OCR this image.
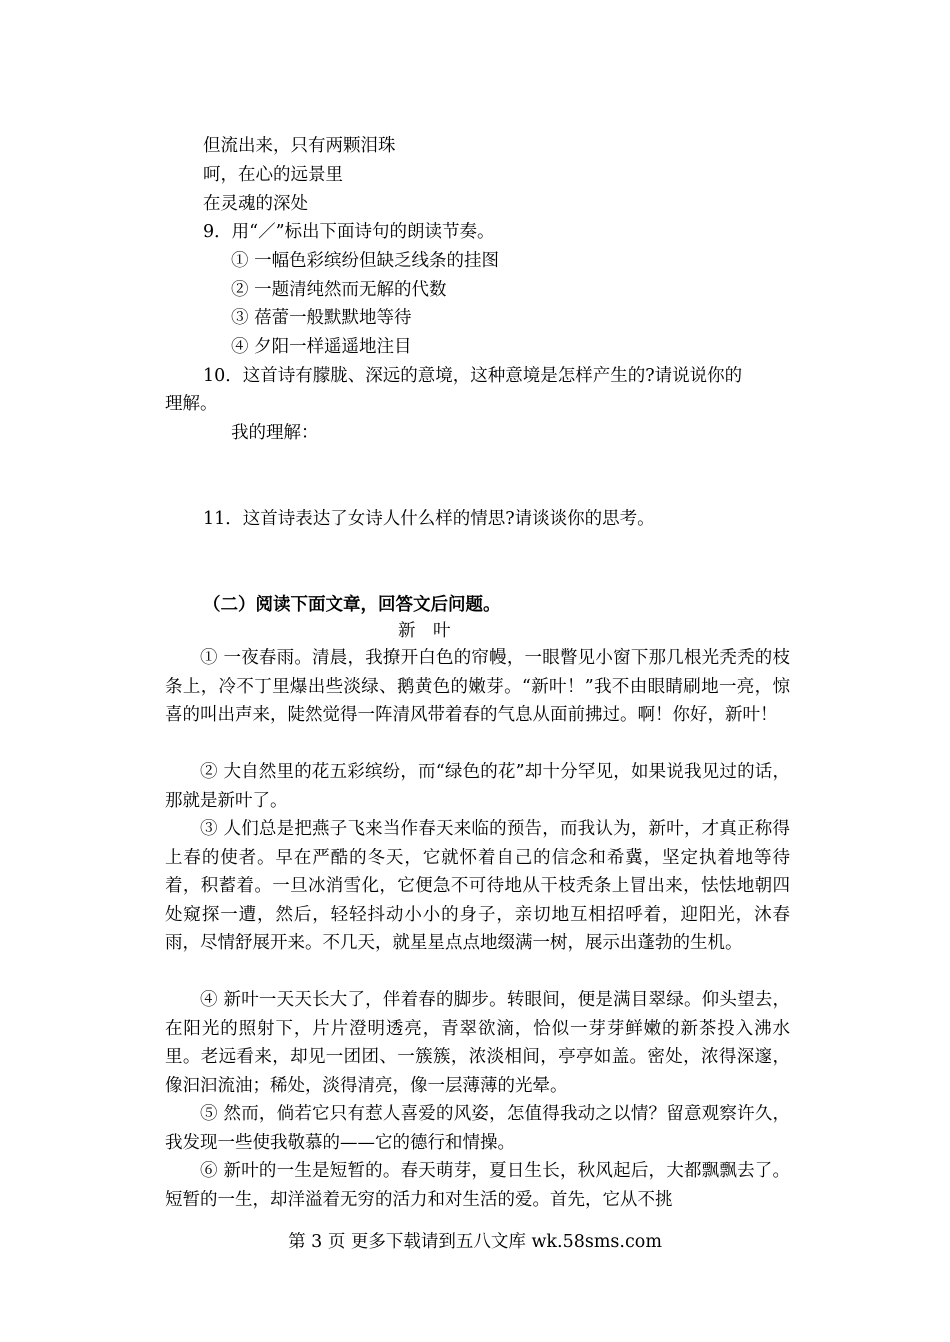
但流出来，只有两颗泪珠
呵，在心的远景里
在灵魂的深处
9．用“／”标出下面诗句的朗读节奏。
① 一幅色彩缤纷但缺乏线条的挂图
② 一题清纯然而无解的代数
③ 蓓蕾一般默默地等待
④ 夕阳一样遥遥地注目
10．这首诗有朦胧、深远的意境，这种意境是怎样产生的?请说说你的
理解。
我的理解：
11．这首诗表达了女诗人什么样的情思?请谈谈你的思考。
（二）阅读下面文章，回答文后问题。
新　叶
① 一夜春雨。清晨，我撩开白色的帘幔，一眼瞥见小窗下那几根光秃秃的枝条上，冷不丁里爆出些淡绿、鹅黄色的嫩芽。“新叶！”我不由眼睛刷地一亮，惊喜的叫出声来，陡然觉得一阵清风带着春的气息从面前拂过。啊！你好，新叶！
② 大自然里的花五彩缤纷，而“绿色的花”却十分罕见，如果说我见过的话，那就是新叶了。
③ 人们总是把燕子飞来当作春天来临的预告，而我认为，新叶，才真正称得上春的使者。早在严酷的冬天，它就怀着自己的信念和希冀，坚定执着地等待着，积蓄着。一旦冰消雪化，它便急不可待地从干枝秃条上冒出来，怯怯地朝四处窥探一遭，然后，轻轻抖动小小的身子，亲切地互相招呼着，迎阳光，沐春雨，尽情舒展开来。不几天，就星星点点地缀满一树，展示出蓬勃的生机。
④ 新叶一天天长大了，伴着春的脚步。转眼间，便是满目翠绿。仰头望去，在阳光的照射下，片片澄明透亮，青翠欲滴，恰似一芽芽鲜嫩的新茶投入沸水里。老远看来，却见一团团、一簇簇，浓淡相间，亭亭如盖。密处，浓得深邃，像汩汩流油；稀处，淡得清亮，像一层薄薄的光晕。
⑤ 然而，倘若它只有惹人喜爱的风姿，怎值得我动之以情？留意观察许久，我发现一些使我敬慕的——它的德行和情操。
⑥ 新叶的一生是短暂的。春天萌芽，夏日生长，秋风起后，大都飘飘去了。短暂的一生，却洋溢着无穷的活力和对生活的爱。首先，它从不挑
第 3 页 更多下载请到五八文库 wk.58sms.com
